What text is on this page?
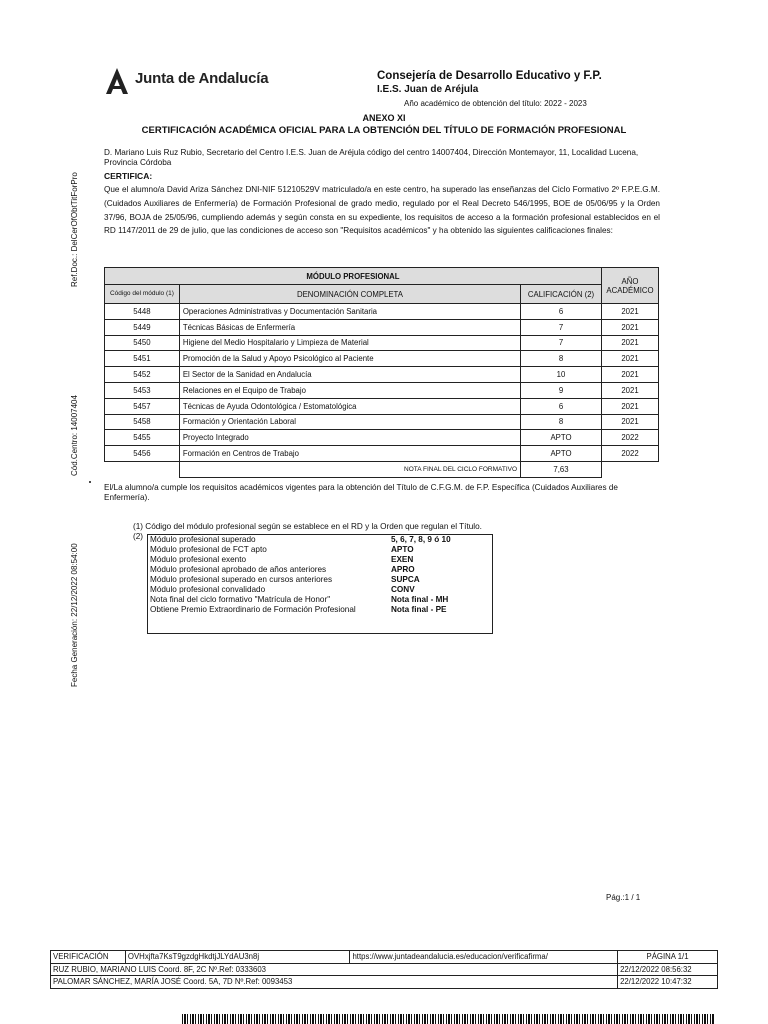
Junta de Andalucía	Consejería de Desarrollo Educativo y F.P.
I.E.S. Juan de Aréjula
Año académico de obtención del título: 2022 - 2023
ANEXO XI
CERTIFICACIÓN ACADÉMICA OFICIAL PARA LA OBTENCIÓN DEL TÍTULO DE FORMACIÓN PROFESIONAL
D. Mariano Luis Ruz Rubio, Secretario del Centro I.E.S. Juan de Aréjula código del centro 14007404, Dirección Montemayor, 11, Localidad Lucena, Provincia Córdoba
CERTIFICA:
Que el alumno/a David Ariza Sánchez DNI-NIF 51210529V matriculado/a en este centro, ha superado las enseñanzas del Ciclo Formativo 2º F.P.E.G.M. (Cuidados Auxiliares de Enfermería) de Formación Profesional de grado medio, regulado por el Real Decreto 546/1995, BOE de 05/06/95 y la Orden 37/96, BOJA de 25/05/96, cumpliendo además y según consta en su expediente, los requisitos de acceso a la formación profesional establecidos en el RD 1147/2011 de 29 de julio, que las condiciones de acceso son "Requisitos académicos" y ha obtenido las siguientes calificaciones finales:
Ref.Doc.: DelCerOfObtTitForPro
Cód.Centro: 14007404
Fecha Generación: 22/12/2022 08:54:00
MÓDULO PROFESIONAL			AÑO ACADÉMICO
Código del módulo (1)	DENOMINACIÓN COMPLETA	CALIFICACIÓN (2)	
5448	Operaciones Administrativas y Documentación Sanitaria	6	2021
5449	Técnicas Básicas de Enfermería	7	2021
5450	Higiene del Medio Hospitalario y Limpieza de Material	7	2021
5451	Promoción de la Salud y Apoyo Psicológico al Paciente	8	2021
5452	El Sector de la Sanidad en Andalucía	10	2021
5453	Relaciones en el Equipo de Trabajo	9	2021
5457	Técnicas de Ayuda Odontológica / Estomatológica	6	2021
5458	Formación y Orientación Laboral	8	2021
5455	Proyecto Integrado	APTO	2022
5456	Formación en Centros de Trabajo	APTO	2022
	NOTA FINAL DEL CICLO FORMATIVO	7,63	
El/La alumno/a cumple los requisitos académicos vigentes para la obtención del Título de C.F.G.M. de F.P. Específica (Cuidados Auxiliares de Enfermería).
(1) Código del módulo profesional según se establece en el RD y la Orden que regulan el Título.
(2) Módulo profesional superado	5, 6, 7, 8, 9 ó 10
Módulo profesional de FCT apto	APTO
Módulo profesional exento	EXEN
Módulo profesional aprobado de años anteriores	APRO
Módulo profesional superado en cursos anteriores	SUPCA
Módulo profesional convalidado	CONV
Nota final del ciclo formativo "Matrícula de Honor"	Nota final - MH
Obtiene Premio Extraordinario de Formación Profesional	Nota final - PE
Pág.:1 / 1
VERIFICACIÓN	OVHxjfta7KsT9gzdgHkdtjJLYdAU3n8j	https://www.juntadeandalucia.es/educacion/verificafirma/	PÁGINA 1/1
RUZ RUBIO, MARIANO LUIS Coord. 8F, 2C Nº.Ref: 0333603			22/12/2022 08:56:32
PALOMAR SÁNCHEZ, MARÍA JOSÉ Coord. 5A, 7D Nº.Ref: 0093453			22/12/2022 10:47:32
